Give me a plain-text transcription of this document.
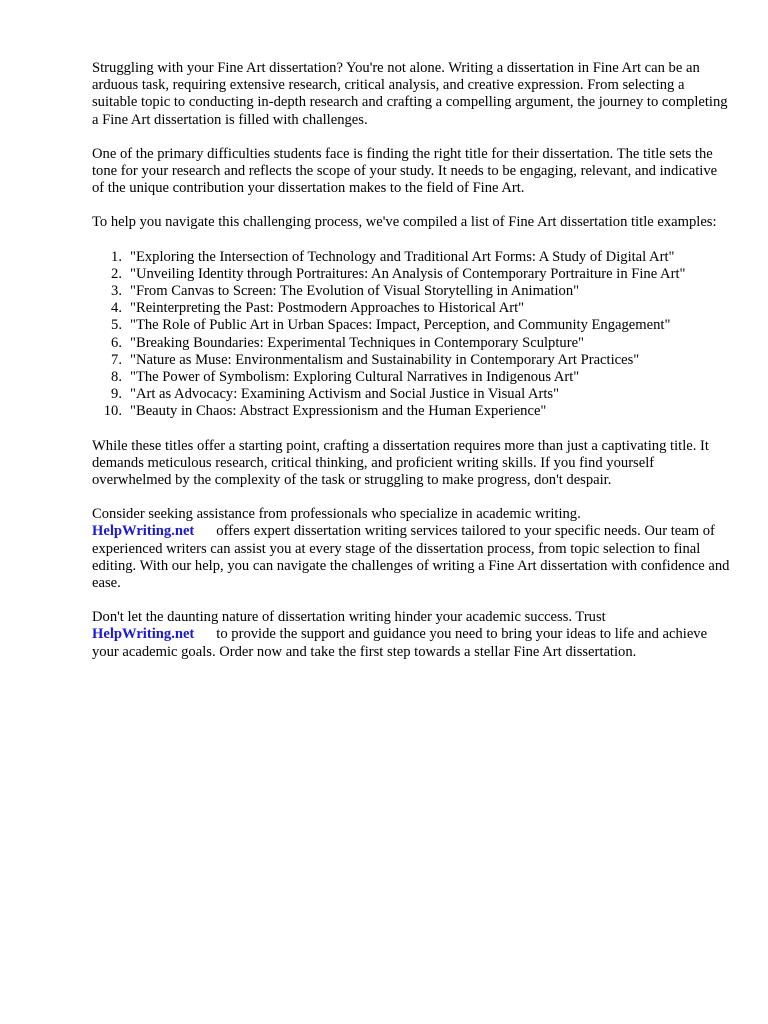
Struggling with your Fine Art dissertation? You're not alone. Writing a dissertation in Fine Art can be an arduous task, requiring extensive research, critical analysis, and creative expression. From selecting a suitable topic to conducting in-depth research and crafting a compelling argument, the journey to completing a Fine Art dissertation is filled with challenges.

One of the primary difficulties students face is finding the right title for their dissertation. The title sets the tone for your research and reflects the scope of your study. It needs to be engaging, relevant, and indicative of the unique contribution your dissertation makes to the field of Fine Art.

To help you navigate this challenging process, we've compiled a list of Fine Art dissertation title examples:

1. "Exploring the Intersection of Technology and Traditional Art Forms: A Study of Digital Art"
2. "Unveiling Identity through Portraitures: An Analysis of Contemporary Portraiture in Fine Art"
3. "From Canvas to Screen: The Evolution of Visual Storytelling in Animation"
4. "Reinterpreting the Past: Postmodern Approaches to Historical Art"
5. "The Role of Public Art in Urban Spaces: Impact, Perception, and Community Engagement"
6. "Breaking Boundaries: Experimental Techniques in Contemporary Sculpture"
7. "Nature as Muse: Environmentalism and Sustainability in Contemporary Art Practices"
8. "The Power of Symbolism: Exploring Cultural Narratives in Indigenous Art"
9. "Art as Advocacy: Examining Activism and Social Justice in Visual Arts"
10. "Beauty in Chaos: Abstract Expressionism and the Human Experience"

While these titles offer a starting point, crafting a dissertation requires more than just a captivating title. It demands meticulous research, critical thinking, and proficient writing skills. If you find yourself overwhelmed by the complexity of the task or struggling to make progress, don't despair.

Consider seeking assistance from professionals who specialize in academic writing.
HelpWriting.net offers expert dissertation writing services tailored to your specific needs. Our team of experienced writers can assist you at every stage of the dissertation process, from topic selection to final editing. With our help, you can navigate the challenges of writing a Fine Art dissertation with confidence and ease.

Don't let the daunting nature of dissertation writing hinder your academic success. Trust
HelpWriting.net to provide the support and guidance you need to bring your ideas to life and achieve your academic goals. Order now and take the first step towards a stellar Fine Art dissertation.
